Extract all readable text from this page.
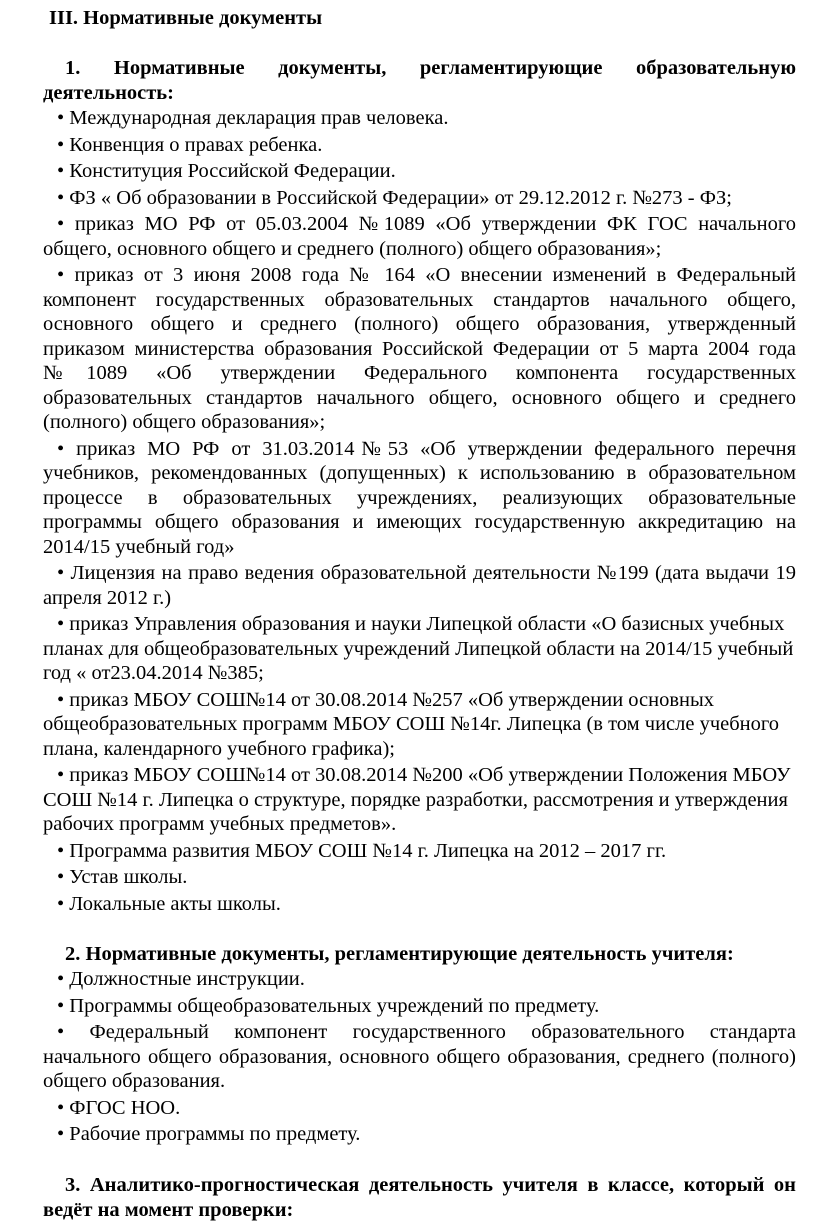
III. Нормативные документы

1. Нормативные документы, регламентирующие образовательную деятельность:

• Международная декларация прав человека.

• Конвенция о правах ребенка.

• Конституция Российской Федерации.

• ФЗ « Об образовании в Российской Федерации» от 29.12.2012 г. №273 - ФЗ;

• приказ МО РФ от 05.03.2004 №1089 «Об утверждении ФК ГОС начального общего, основного общего и среднего (полного) общего образования»;

• приказ от 3 июня 2008 года № 164 «О внесении изменений в Федеральный компонент государственных образовательных стандартов начального общего, основного общего и среднего (полного) общего образования, утвержденный приказом министерства образования Российской Федерации от 5 марта 2004 года №1089 «Об утверждении Федерального компонента государственных образовательных стандартов начального общего, основного общего и среднего (полного) общего образования»;

• приказ МО РФ от 31.03.2014№53 «Об утверждении федерального перечня учебников, рекомендованных (допущенных) к использованию в образовательном процессе в образовательных учреждениях, реализующих образовательные программы общего образования и имеющих государственную аккредитацию на 2014/15 учебный год»

• Лицензия на право ведения образовательной деятельности №199 (дата выдачи 19 апреля 2012 г.)

• приказ Управления образования и науки Липецкой области «О базисных учебных планах для общеобразовательных учреждений Липецкой области на 2014/15 учебный год « от23.04.2014 №385;

• приказ МБОУ СОШ№14 от 30.08.2014 №257 «Об утверждении основных общеобразовательных программ МБОУ СОШ №14г. Липецка (в том числе учебного плана, календарного учебного графика);

• приказ МБОУ СОШ№14 от 30.08.2014 №200 «Об утверждении Положения МБОУ СОШ №14 г. Липецка о структуре, порядке разработки, рассмотрения и утверждения рабочих программ учебных предметов».

• Программа развития МБОУ СОШ №14 г. Липецка на 2012 – 2017 гг.

• Устав школы.

• Локальные акты школы.

2. Нормативные документы, регламентирующие деятельность учителя:

• Должностные инструкции.

• Программы общеобразовательных учреждений по предмету.

• Федеральный компонент государственного образовательного стандарта начального общего образования, основного общего образования, среднего (полного) общего образования.

• ФГОС НОО.

• Рабочие программы по предмету.

3. Аналитико-прогностическая деятельность учителя в классе, который он ведёт на момент проверки:
